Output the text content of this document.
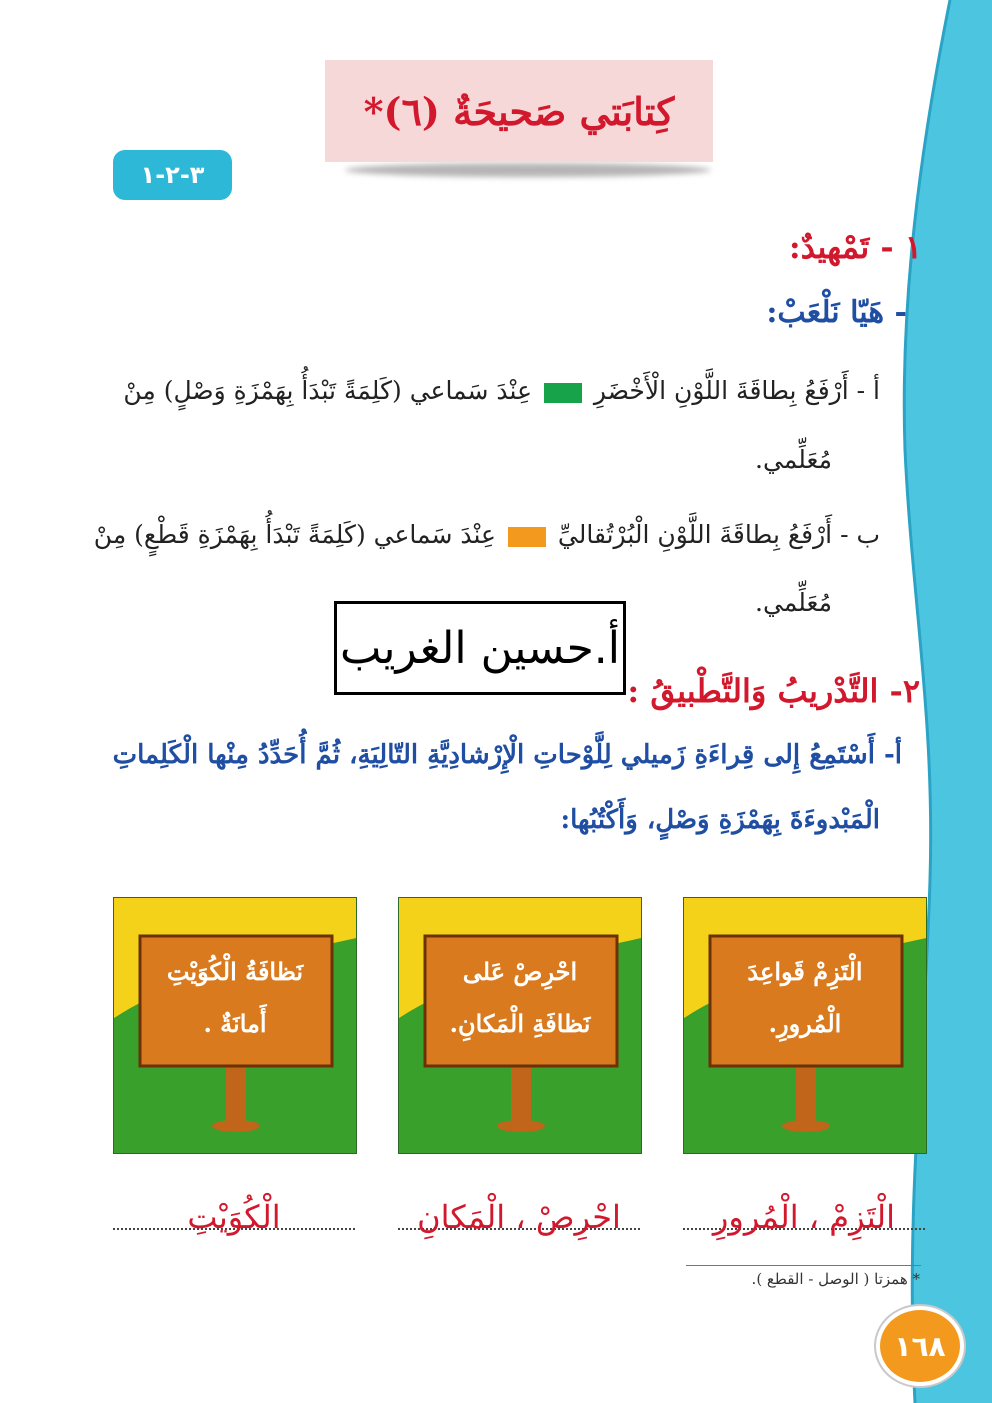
كِتابَتي صَحيحَةٌ (٦)*
٣-٢-١
١ - تَمْهيدٌ:
- هَيّا نَلْعَبْ:
أ - أَرْفَعُ بِطاقَةَ اللَّوْنِ الْأَخْضَرِ  عِنْدَ سَماعي (كَلِمَةً تَبْدَأُ بِهَمْزَةِ وَصْلٍ) مِنْ
مُعَلِّمي.
ب - أَرْفَعُ بِطاقَةَ اللَّوْنِ الْبُرْتُقاليِّ  عِنْدَ سَماعي (كَلِمَةً تَبْدَأُ بِهَمْزَةِ قَطْعٍ) مِنْ
مُعَلِّمي.
أ.حسين الغريب
٢- التَّدْريبُ وَالتَّطْبيقُ :
أ- أَسْتَمِعُ إِلى قِراءَةِ زَميلي لِلَّوْحاتِ الْإِرْشادِيَّةِ التّالِيَةِ، ثُمَّ أُحَدِّدُ مِنْها الْكَلِماتِ
الْمَبْدوءَةَ بِهَمْزَةِ وَصْلٍ، وَأَكْتُبُها:
الْتَزِمْ قَواعِدَ
الْمُرورِ.
احْرِصْ عَلى
نَظافَةِ الْمَكانِ.
نَظافَةُ الْكُوَيْتِ
أَمانَةٌ .
الْتَزِمْ ، الْمُرورِ
احْرِصْ ، الْمَكانِ
الْكُوَيْتِ
* همزتا ( الوصل - القطع ).
١٦٨
